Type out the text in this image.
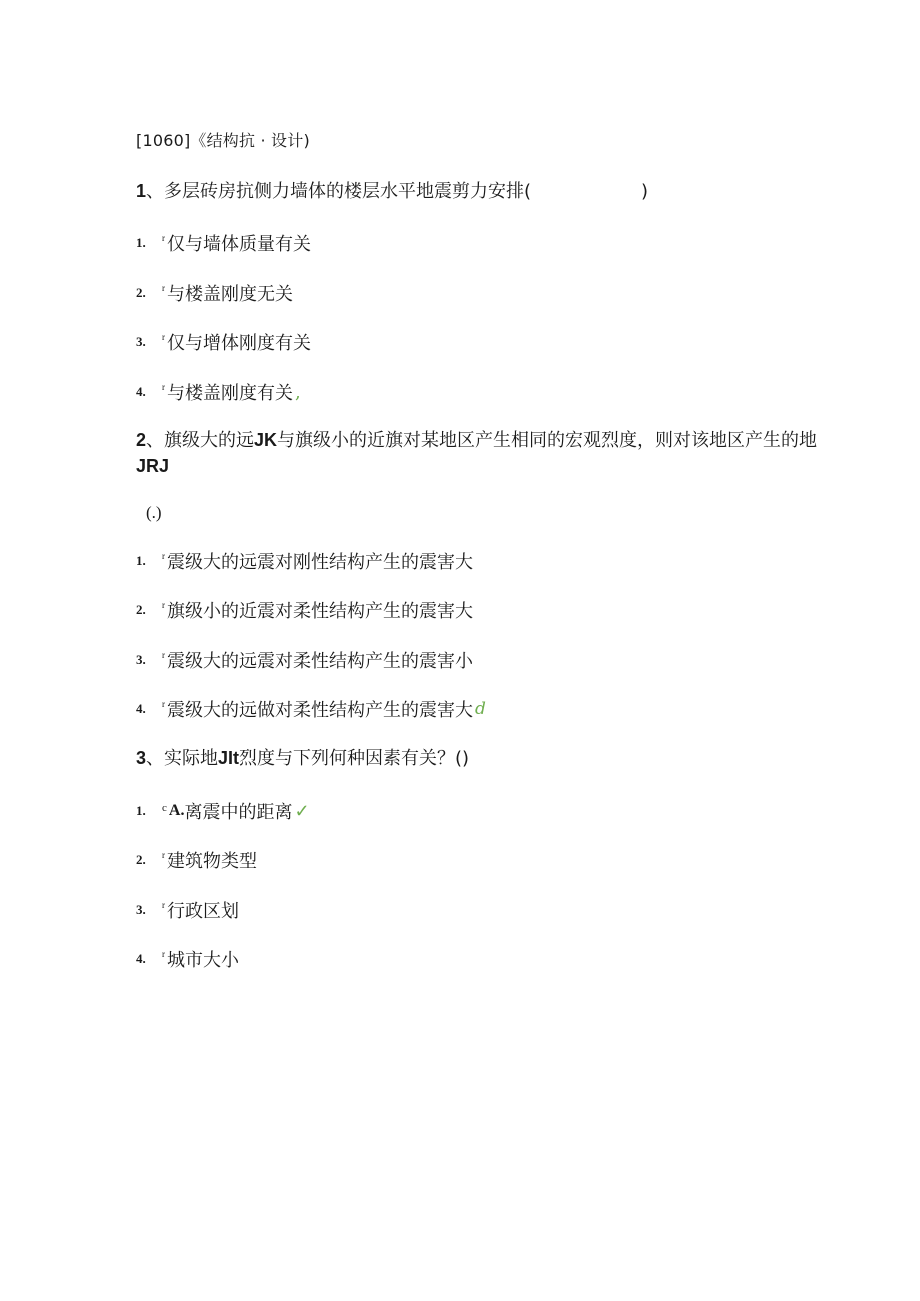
[1060]《结构抗 · 设计)
1、多层砖房抗侧力墙体的楼层水平地震剪力安排(	)
1.	r 仅与墙体质量有关
2.	r 与楼盖刚度无关
3.	r 仅与增体刚度有关
4.	r 与楼盖刚度有关 ,
2、旗级大的远JK与旗级小的近旗对某地区产生相同的宏观烈度，则对该地区产生的地
JRJ
(.)
1.	r 震级大的远震对刚性结构产生的震害大
2.	r 旗级小的近震对柔性结构产生的震害大
3.	r 震级大的远震对柔性结构产生的震害小
4.	r 震级大的远做对柔性结构产生的震害大 d
3、实际地JIt烈度与下列何种因素有关？()
1.	c A. 离震中的距离 ✓
2.	r 建筑物类型
3.	r 行政区划
4.	r 城市大小
